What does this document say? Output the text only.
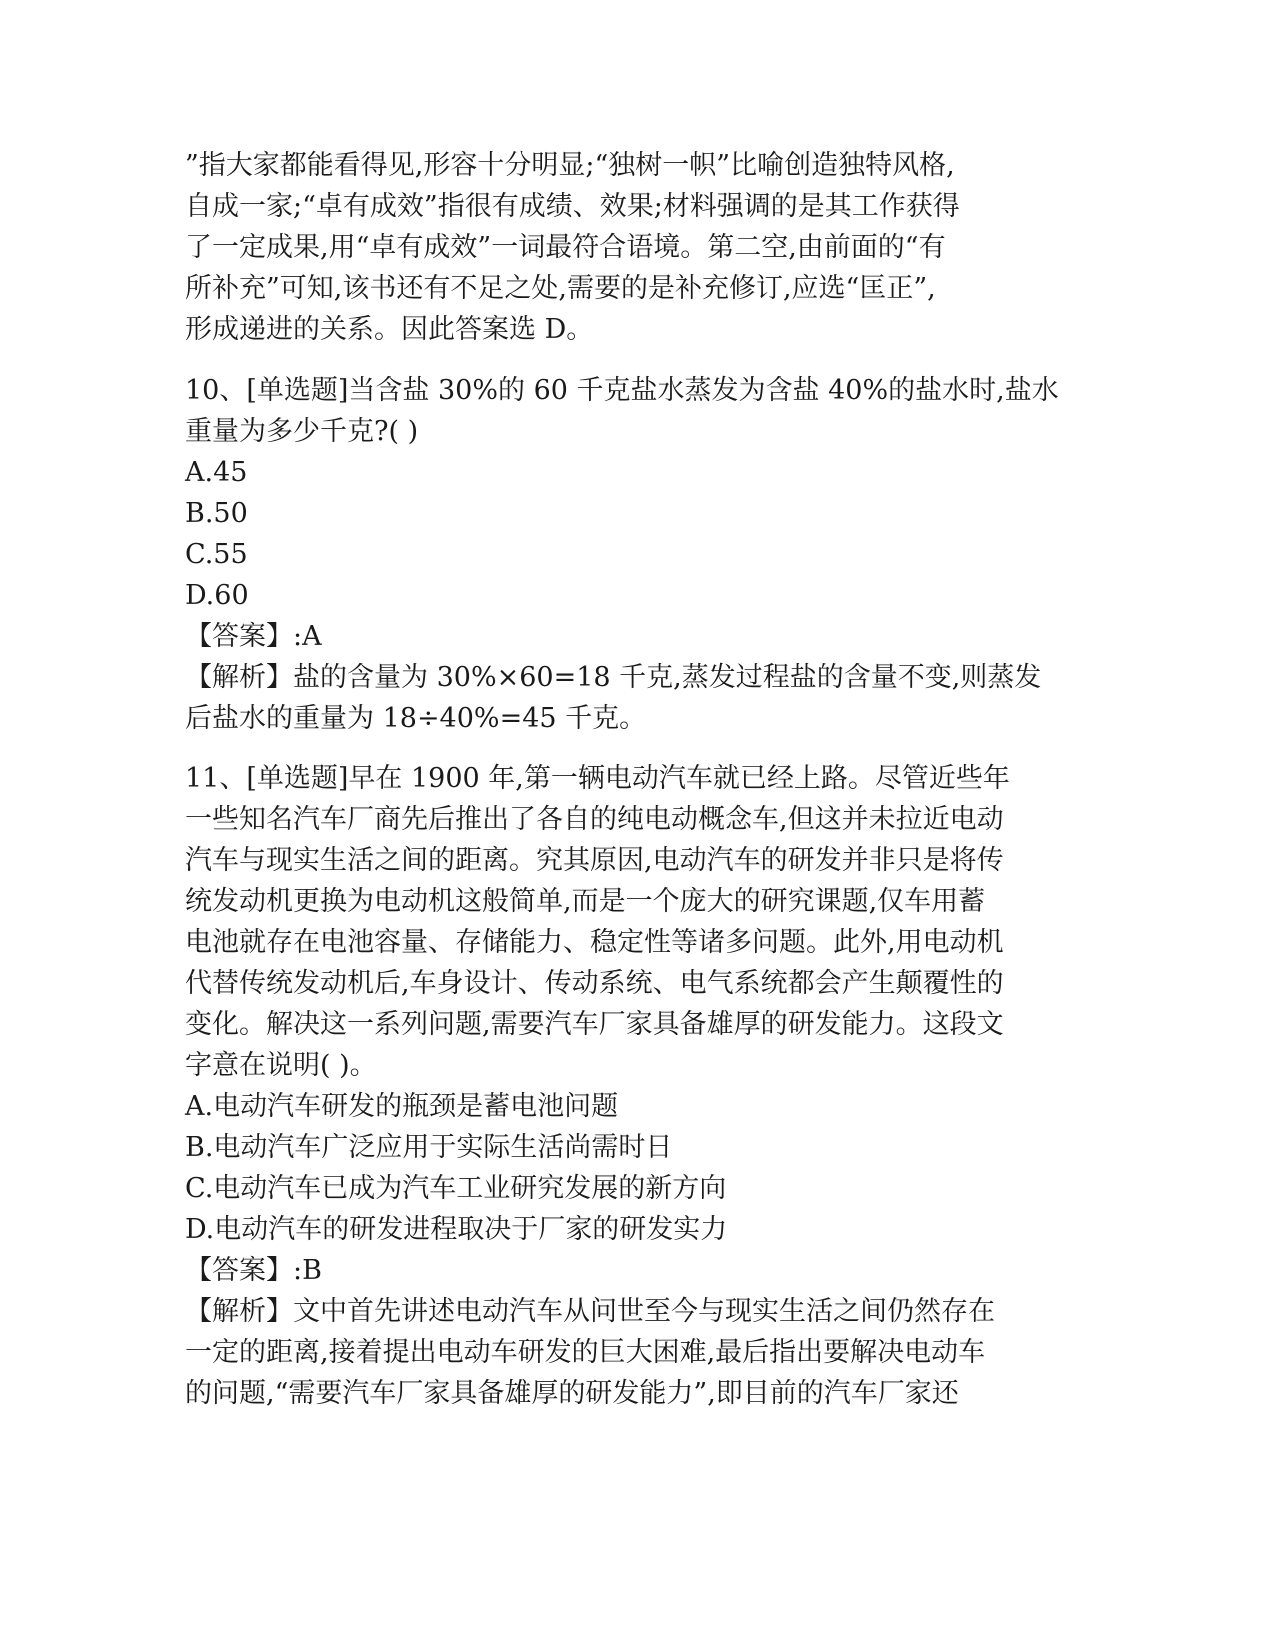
”指大家都能看得见,形容十分明显;“独树一帜”比喻创造独特风格,
自成一家;“卓有成效”指很有成绩、效果;材料强调的是其工作获得
了一定成果,用“卓有成效”一词最符合语境。第二空,由前面的“有
所补充”可知,该书还有不足之处,需要的是补充修订,应选“匡正”,
形成递进的关系。因此答案选 D。
10、[单选题]当含盐 30%的 60 千克盐水蒸发为含盐 40%的盐水时,盐水
重量为多少千克?( )
A.45
B.50
C.55
D.60
【答案】:A
【解析】盐的含量为 30%×60=18 千克,蒸发过程盐的含量不变,则蒸发
后盐水的重量为 18÷40%=45 千克。
11、[单选题]早在 1900 年,第一辆电动汽车就已经上路。尽管近些年
一些知名汽车厂商先后推出了各自的纯电动概念车,但这并未拉近电动
汽车与现实生活之间的距离。究其原因,电动汽车的研发并非只是将传
统发动机更换为电动机这般简单,而是一个庞大的研究课题,仅车用蓄
电池就存在电池容量、存储能力、稳定性等诸多问题。此外,用电动机
代替传统发动机后,车身设计、传动系统、电气系统都会产生颠覆性的
变化。解决这一系列问题,需要汽车厂家具备雄厚的研发能力。这段文
字意在说明( )。
A.电动汽车研发的瓶颈是蓄电池问题
B.电动汽车广泛应用于实际生活尚需时日
C.电动汽车已成为汽车工业研究发展的新方向
D.电动汽车的研发进程取决于厂家的研发实力
【答案】:B
【解析】文中首先讲述电动汽车从问世至今与现实生活之间仍然存在
一定的距离,接着提出电动车研发的巨大困难,最后指出要解决电动车
的问题,“需要汽车厂家具备雄厚的研发能力”,即目前的汽车厂家还
